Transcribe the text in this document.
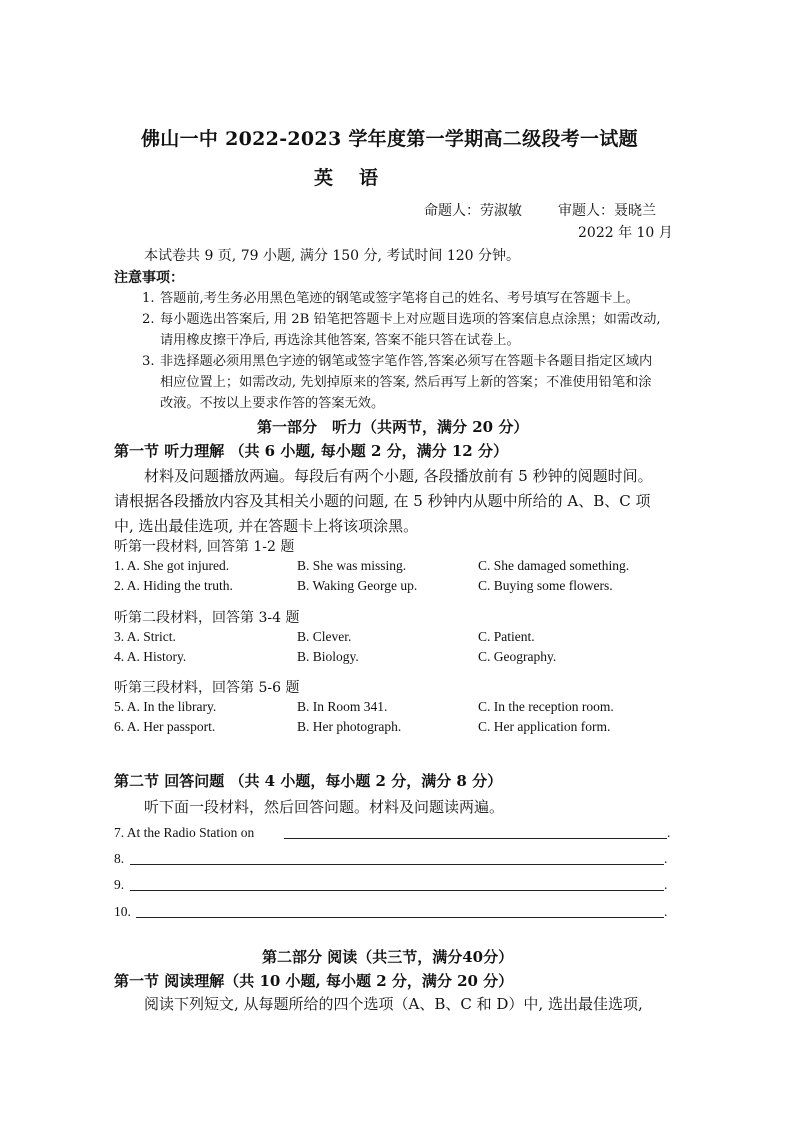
佛山一中 2022-2023 学年度第一学期高二级段考一试题
英语
命题人：劳淑敏	审题人：聂晓兰
2022 年 10 月
本试卷共 9 页, 79 小题, 满分 150 分, 考试时间 120 分钟。
注意事项：
1. 答题前,考生务必用黑色笔迹的钢笔或签字笔将自己的姓名、考号填写在答题卡上。
2. 每小题选出答案后, 用 2B 铅笔把答题卡上对应题目选项的答案信息点涂黑；如需改动,
请用橡皮擦干净后, 再选涂其他答案, 答案不能只答在试卷上。
3. 非选择题必须用黑色字迹的钢笔或签字笔作答,答案必须写在答题卡各题目指定区域内
相应位置上；如需改动, 先划掉原来的答案, 然后再写上新的答案；不准使用铅笔和涂
改液。不按以上要求作答的答案无效。
第一部分　听力（共两节，满分 20 分）
第一节 听力理解 （共 6 小题, 每小题 2 分，满分 12 分）
材料及问题播放两遍。每段后有两个小题, 各段播放前有 5 秒钟的阅题时间。
请根据各段播放内容及其相关小题的问题, 在 5 秒钟内从题中所给的 A、B、C 项
中, 选出最佳选项, 并在答题卡上将该项涂黑。
听第一段材料, 回答第 1-2 题
1. A. She got injured.	B. She was missing.	C. She damaged something.
2. A. Hiding the truth.	B. Waking George up.	C. Buying some flowers.
听第二段材料，回答第 3-4 题
3. A. Strict.	B. Clever.	C. Patient.
4. A. History.	B. Biology.	C. Geography.
听第三段材料，回答第 5-6 题
5. A. In the library.	B. In Room 341.	C. In the reception room.
6. A. Her passport.	B. Her photograph.	C. Her application form.
第二节 回答问题 （共 4 小题，每小题 2 分，满分 8 分）
听下面一段材料，然后回答问题。材料及问题读两遍。
7. At the Radio Station on	.
8.	.
9.	.
10.	.
第二部分 阅读（共三节，满分40分）
第一节 阅读理解（共 10 小题, 每小题 2 分，满分 20 分）
阅读下列短文, 从每题所给的四个选项（A、B、C 和 D）中, 选出最佳选项,
